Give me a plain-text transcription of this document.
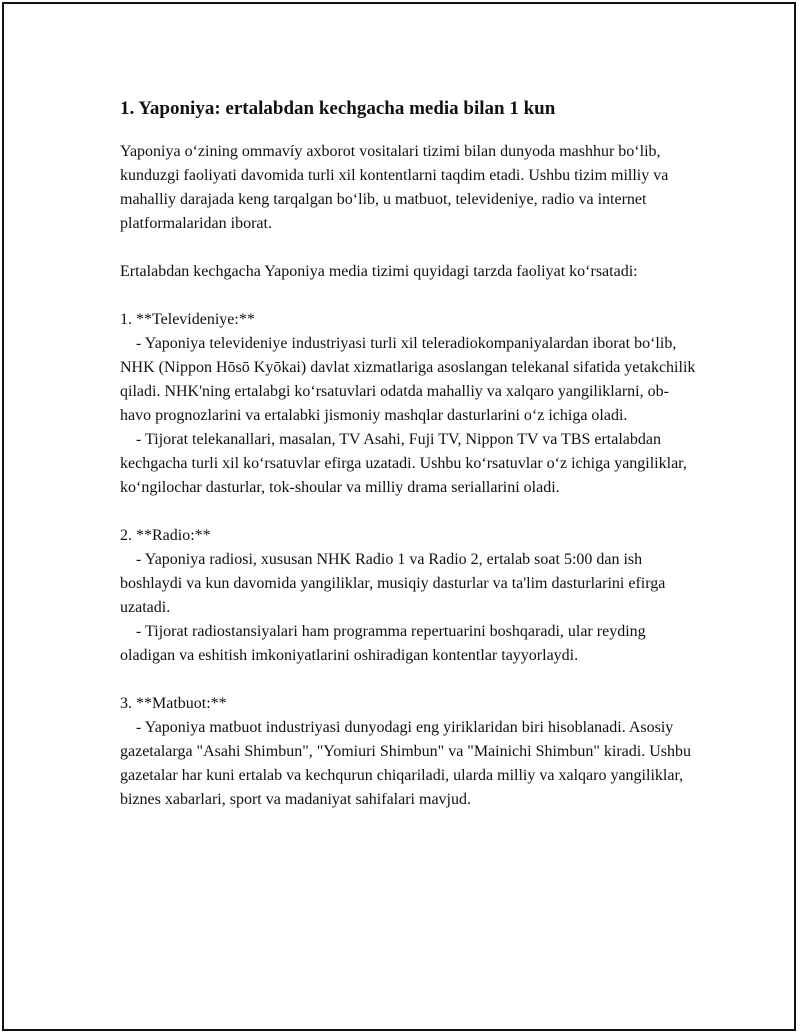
1. Yaponiya: ertalabdan kechgacha media bilan 1 kun

Yaponiya oʻzining ommavíy axborot vositalari tizimi bilan dunyoda mashhur boʻlib, kunduzgi faoliyati davomida turli xil kontentlarni taqdim etadi. Ushbu tizim milliy va mahalliy darajada keng tarqalgan boʻlib, u matbuot, televideniye, radio va internet platformalaridan iborat.

Ertalabdan kechgacha Yaponiya media tizimi quyidagi tarzda faoliyat koʻrsatadi:

1. **Televideniye:**

- Yaponiya televideniye industriyasi turli xil teleradiokompaniyalardan iborat boʻlib, NHK (Nippon Hōsō Kyōkai) davlat xizmatlariga asoslangan telekanal sifatida yetakchilik qiladi. NHK'ning ertalabgi koʻrsatuvlari odatda mahalliy va xalqaro yangiliklarni, ob-havo prognozlarini va ertalabki jismoniy mashqlar dasturlarini oʻz ichiga oladi.

- Tijorat telekanallari, masalan, TV Asahi, Fuji TV, Nippon TV va TBS ertalabdan kechgacha turli xil koʻrsatuvlar efirga uzatadi. Ushbu koʻrsatuvlar oʻz ichiga yangiliklar, koʻngilochar dasturlar, tok-shoular va milliy drama seriallarini oladi.

2. **Radio:**

- Yaponiya radiosi, xususan NHK Radio 1 va Radio 2, ertalab soat 5:00 dan ish boshlaydi va kun davomida yangiliklar, musiqiy dasturlar va ta'lim dasturlarini efirga uzatadi.

- Tijorat radiostansiyalari ham programma repertuarini boshqaradi, ular reyding oladigan va eshitish imkoniyatlarini oshiradigan kontentlar tayyorlaydi.

3. **Matbuot:**

- Yaponiya matbuot industriyasi dunyodagi eng yiriklaridan biri hisoblanadi. Asosiy gazetalarga "Asahi Shimbun", "Yomiuri Shimbun" va "Mainichi Shimbun" kiradi. Ushbu gazetalar har kuni ertalab va kechqurun chiqariladi, ularda milliy va xalqaro yangiliklar, biznes xabarlari, sport va madaniyat sahifalari mavjud.
